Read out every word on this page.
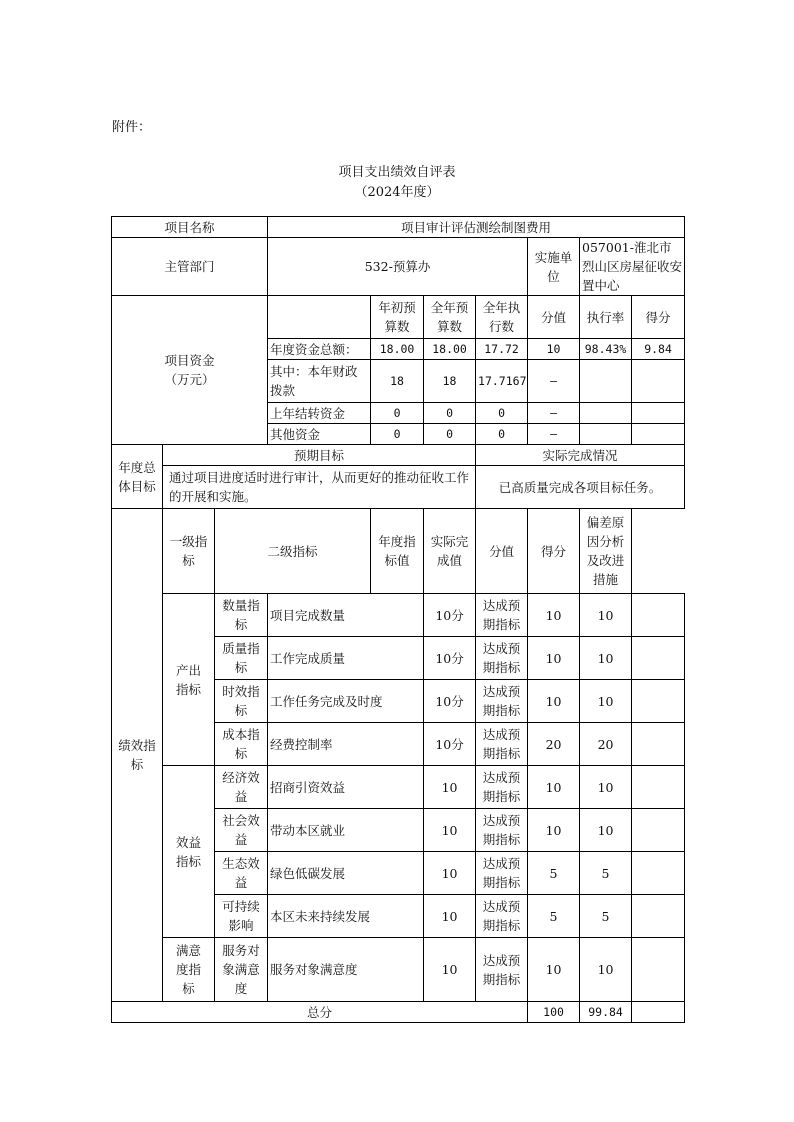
附件：
项目支出绩效自评表
（2024年度）
项目名称			项目审计评估测绘制图费用						
主管部门			532-预算办				实施单位	057001-淮北市烈山区房屋征收安置中心	
项目资金（万元）				年初预算数	全年预算数	全年执行数	分值	执行率	得分
			年度资金总额：	18.00	18.00	17.72	10	98.43%	9.84
			其中：本年财政拨款	18	18	17.7167	—		
			上年结转资金	0	0	0	—		
			其他资金	0	0	0	—		
年度总体目标	预期目标					实际完成情况			
	通过项目进度适时进行审计，从而更好的推动征收工作的开展和实施。					已高质量完成各项目标任务。			
绩效指标	一级指标	二级指标		年度指标值	实际完成值	分值	得分	偏差原因分析及改进措施	
	产出指标	数量指标	项目完成数量		10分	达成预期指标	10	10	
		质量指标	工作完成质量		10分	达成预期指标	10	10	
		时效指标	工作任务完成及时度		10分	达成预期指标	10	10	
		成本指标	经费控制率		10分	达成预期指标	20	20	
	效益指标	经济效益	招商引资效益		10	达成预期指标	10	10	
		社会效益	带动本区就业		10	达成预期指标	10	10	
		生态效益	绿色低碳发展		10	达成预期指标	5	5	
		可持续影响	本区未来持续发展		10	达成预期指标	5	5	
	满意度指标	服务对象满意度	服务对象满意度		10	达成预期指标	10	10	
总分							100	99.84	
